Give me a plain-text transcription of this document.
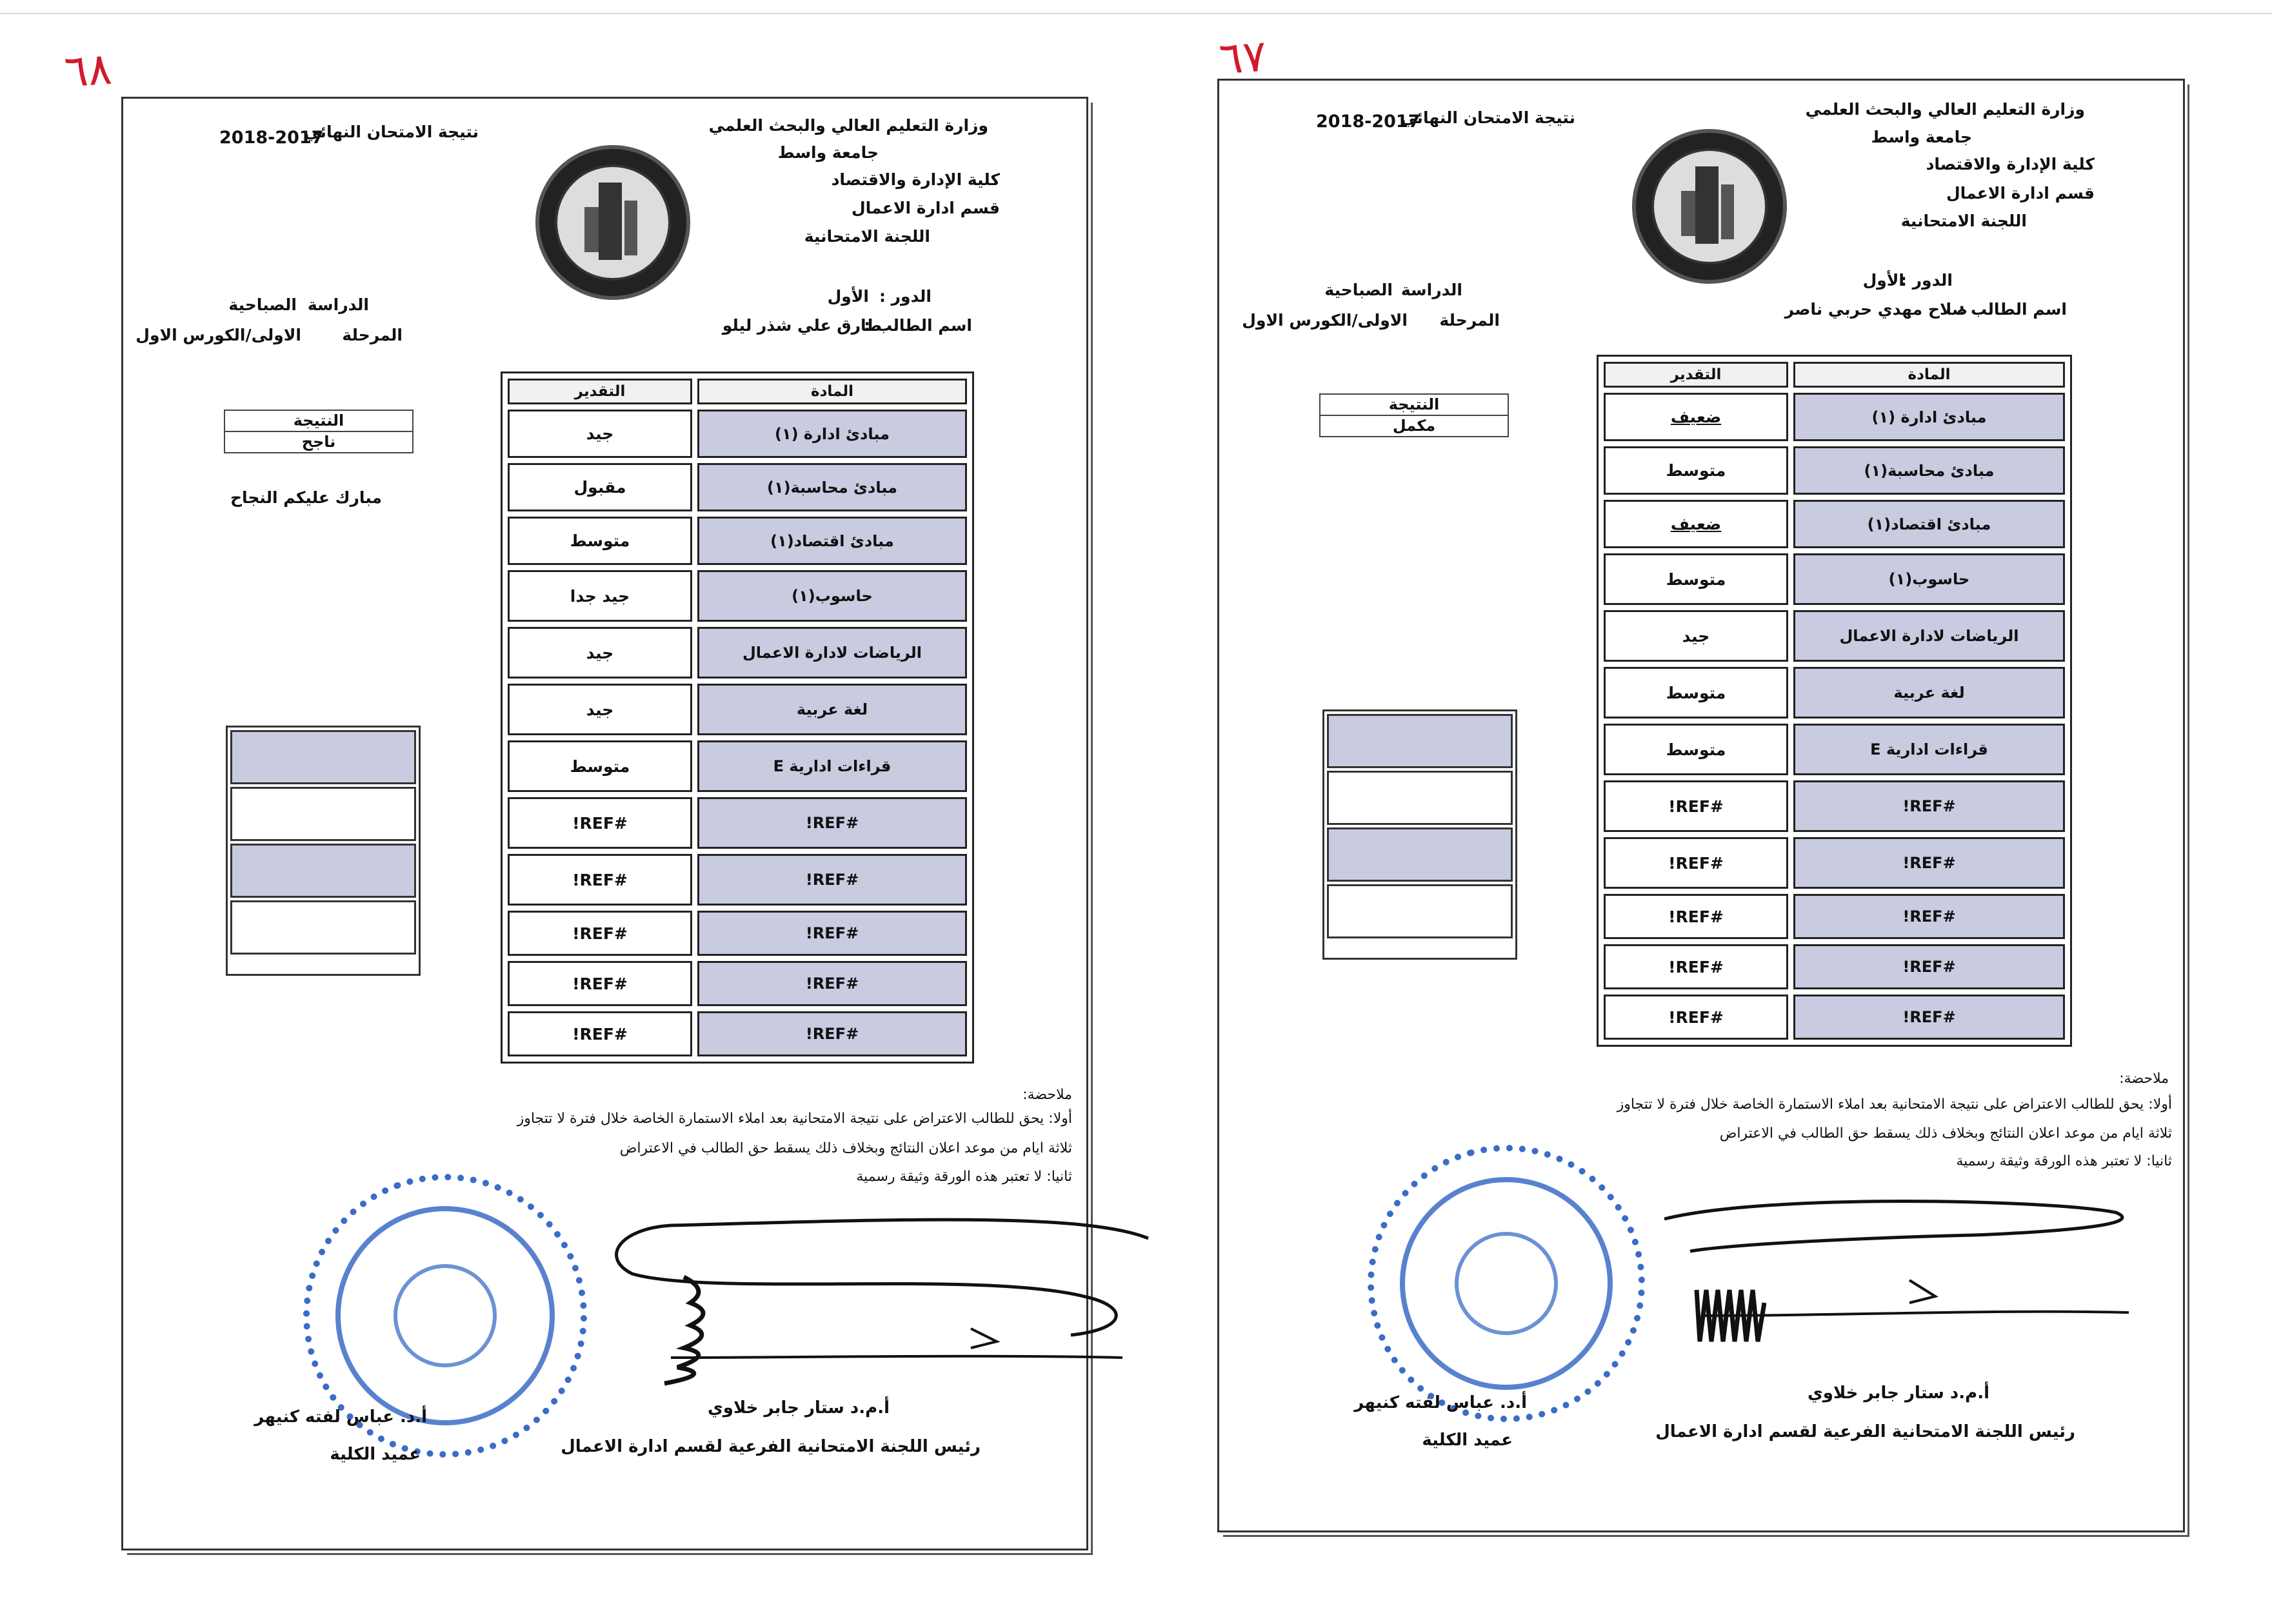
٦٨
وزارة التعليم العالي والبحث العلمي
جامعة واسط
كلية الإدارة والاقتصاد
قسم ادارة الاعمال
اللجنة الامتحانية
نتيجة الامتحان النهائي
2018-2017
الدور :
الأول
اسم الطالب :
طارق علي شذر ليلو
الدراسة
الصباحية
المرحلة
الاولى/الكورس الاول
المادة	التقدير
مبادئ ادارة (١)	جيد
مبادئ محاسبة(١)	مقبول
مبادئ اقتصاد(١)	متوسط
حاسوب(١)	جيد جدا
الرياضات لادارة الاعمال	جيد
لغة عربية	جيد
قراءات ادارية E	متوسط
#REF!	#REF!
#REF!	#REF!
#REF!	#REF!
#REF!	#REF!
#REF!	#REF!
النتيجة
ناجح
مبارك عليكم النجاح
ملاحضة:
أولا: يحق للطالب الاعتراض على نتيجة الامتحانية بعد املاء الاستمارة الخاصة خلال فترة لا تتجاوز
ثلاثة ايام من موعد اعلان النتائج وبخلاف ذلك يسقط حق الطالب في الاعتراض
ثانيا: لا تعتبر هذه الورقة وثيقة رسمية
أ.م.د ستار جابر خلاوي
رئيس اللجنة الامتحانية الفرعية لقسم ادارة الاعمال
أ.د. عباس لفته كنيهر
عميد الكلية
٦٧
وزارة التعليم العالي والبحث العلمي
جامعة واسط
كلية الإدارة والاقتصاد
قسم ادارة الاعمال
اللجنة الامتحانية
نتيجة الامتحان النهائي
2018-2017
الدور :
الأول
اسم الطالب :
صلاح مهدي حربي ناصر
الدراسة
الصباحية
المرحلة
الاولى/الكورس الاول
المادة	التقدير
مبادئ ادارة (١)	ضعيف
مبادئ محاسبة(١)	متوسط
مبادئ اقتصاد(١)	ضعيف
حاسوب(١)	متوسط
الرياضات لادارة الاعمال	جيد
لغة عربية	متوسط
قراءات ادارية E	متوسط
#REF!	#REF!
#REF!	#REF!
#REF!	#REF!
#REF!	#REF!
#REF!	#REF!
النتيجة
مكمل
ملاحضة:
أولا: يحق للطالب الاعتراض على نتيجة الامتحانية بعد املاء الاستمارة الخاصة خلال فترة لا تتجاوز
ثلاثة ايام من موعد اعلان النتائج وبخلاف ذلك يسقط حق الطالب في الاعتراض
ثانيا: لا تعتبر هذه الورقة وثيقة رسمية
أ.م.د ستار جابر خلاوي
رئيس اللجنة الامتحانية الفرعية لقسم ادارة الاعمال
أ.د. عباس لفته كنيهر
عميد الكلية
